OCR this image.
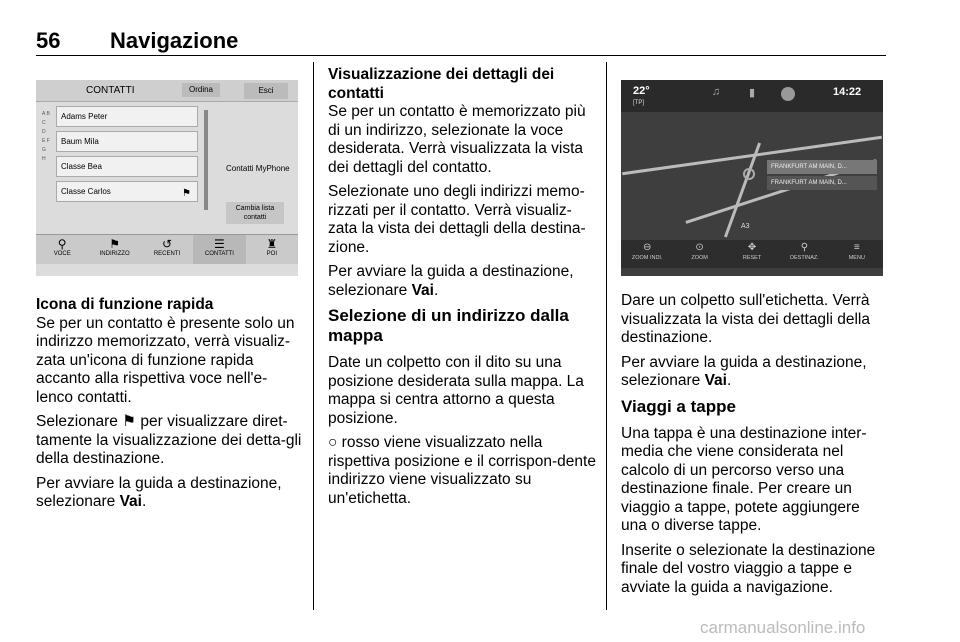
56 Navigazione
CONTATTI	Ordina	Esci
A B C D E F G H
Adams Peter
Baum Mila
Classe Bea
Classe Carlos	⚑
Contatti MyPhone
Cambia lista contatti
⚲
VOCE
⚑
INDIRIZZO
↺
RECENTI
☰
CONTATTI
♜
POI
Icona di funzione rapida

Se per un contatto è presente solo un indirizzo memorizzato, verrà visualiz-zata un'icona di funzione rapida accanto alla rispettiva voce nell'e-lenco contatti.

Selezionare ⚑ per visualizzare diret-tamente la visualizzazione dei detta-gli della destinazione.

Per avviare la guida a destinazione, selezionare Vai.

Visualizzazione dei dettagli dei contatti

Se per un contatto è memorizzato più di un indirizzo, selezionate la voce desiderata. Verrà visualizzata la vista dei dettagli del contatto.

Selezionate uno degli indirizzi memo-rizzati per il contatto. Verrà visualiz-zata la vista dei dettagli della destina-zione.

Per avviare la guida a destinazione, selezionare Vai.

Selezione di un indirizzo dalla mappa

Date un colpetto con il dito su una posizione desiderata sulla mappa. La mappa si centra attorno a questa posizione.

○ rosso viene visualizzato nella rispettiva posizione e il corrispon-dente indirizzo viene visualizzato su un'etichetta.

FRANKFURT AM MAIN, D...
FRANKFURT AM MAIN, D...
A3
22°
[TP]
♫	▮	14:22
⊖
ZOOM INDI.
⊙
ZOOM
✥
RESET
⚲
DESTINAZ.
≡
MENU

Dare un colpetto sull'etichetta. Verrà visualizzata la vista dei dettagli della destinazione.

Per avviare la guida a destinazione, selezionare Vai.

Viaggi a tappe

Una tappa è una destinazione inter-media che viene considerata nel calcolo di un percorso verso una destinazione finale. Per creare un viaggio a tappe, potete aggiungere una o diverse tappe.

Inserite o selezionate la destinazione finale del vostro viaggio a tappe e avviate la guida a navigazione.

carmanualsonline.info
